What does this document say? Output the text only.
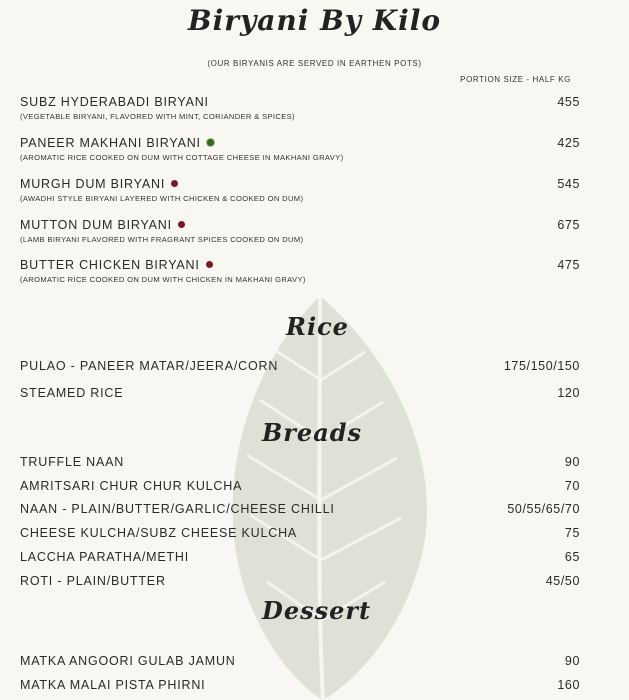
Biryani By Kilo
(OUR BIRYANIS ARE SERVED IN EARTHEN POTS)
PORTION SIZE - HALF KG
SUBZ HYDERABADI BIRYANI
(VEGETABLE BIRYANI, FLAVORED WITH MINT, CORIANDER & SPICES)
455
PANEER MAKHANI BIRYANI
(AROMATIC RICE COOKED ON DUM WITH COTTAGE CHEESE IN MAKHANI GRAVY)
425
MURGH DUM BIRYANI
(AWADHI STYLE BIRYANI LAYERED WITH CHICKEN & COOKED ON DUM)
545
MUTTON DUM BIRYANI
(LAMB BIRYANI FLAVORED WITH FRAGRANT SPICES COOKED ON DUM)
675
BUTTER CHICKEN BIRYANI
(AROMATIC RICE COOKED ON DUM WITH CHICKEN IN MAKHANI GRAVY)
475
Rice
PULAO - PANEER MATAR/JEERA/CORN	175/150/150
STEAMED RICE	120
Breads
TRUFFLE NAAN	90
AMRITSARI CHUR CHUR KULCHA	70
NAAN - PLAIN/BUTTER/GARLIC/CHEESE CHILLI	50/55/65/70
CHEESE KULCHA/SUBZ CHEESE KULCHA	75
LACCHA PARATHA/METHI	65
ROTI - PLAIN/BUTTER	45/50
Dessert
MATKA ANGOORI GULAB JAMUN	90
MATKA MALAI PISTA PHIRNI	160
